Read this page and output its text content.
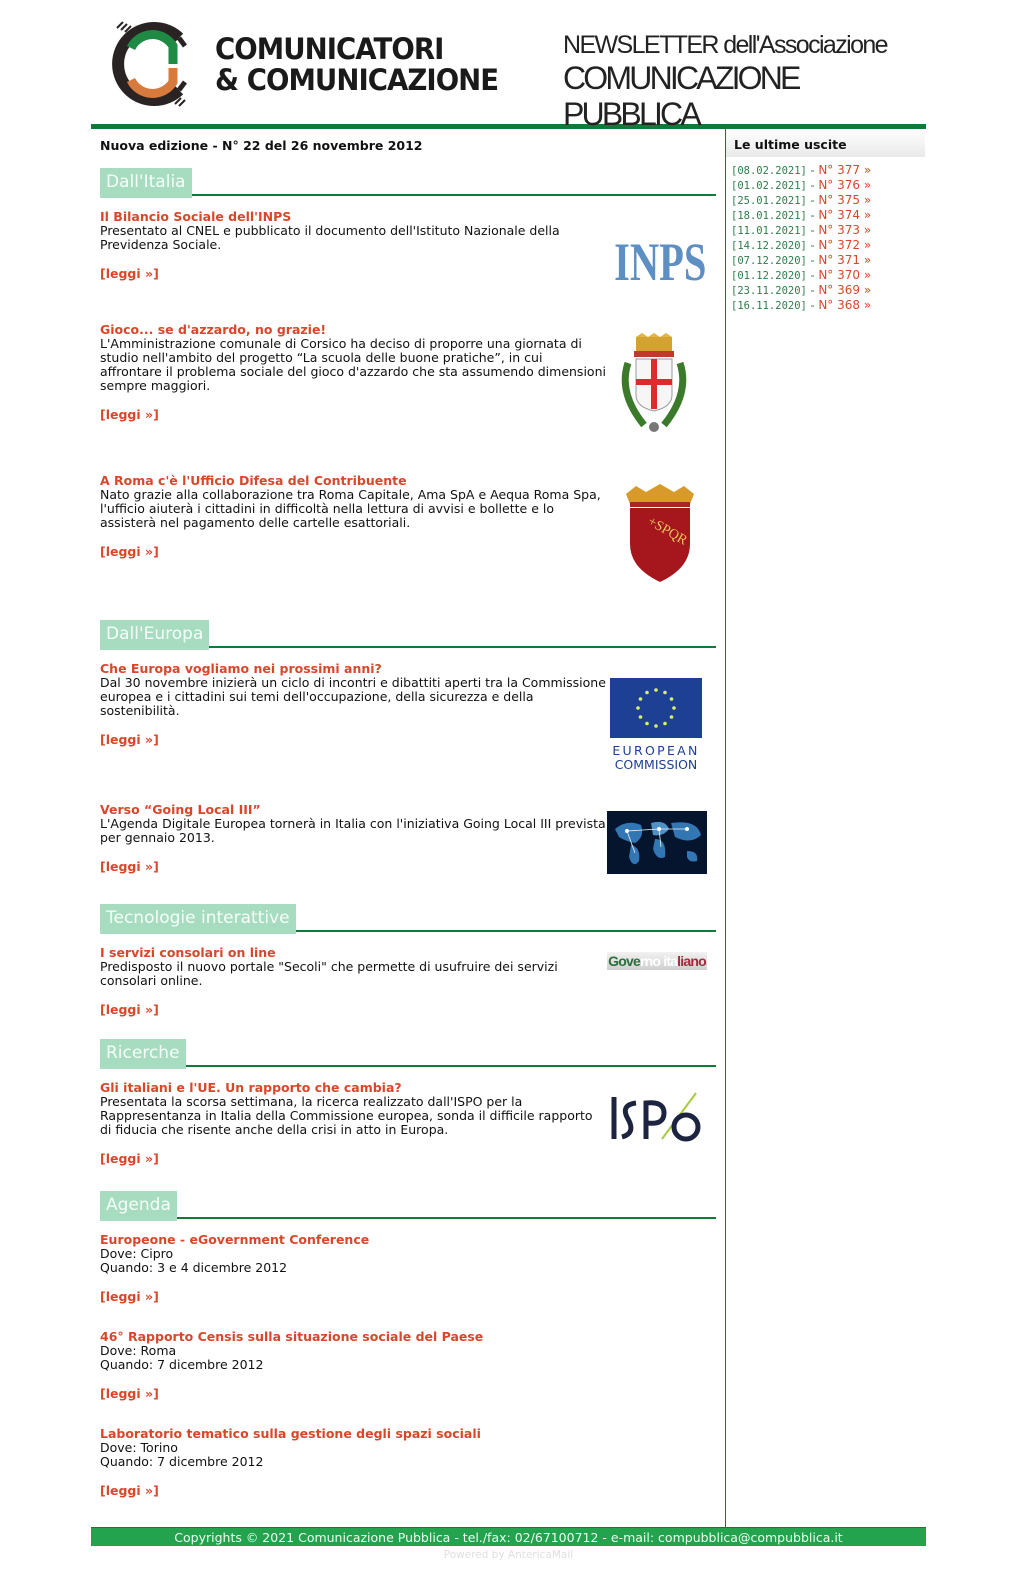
COMUNICATORI
& COMUNICAZIONE
NEWSLETTER dell'Associazione
COMUNICAZIONE PUBBLICA
Nuova edizione - N° 22 del 26 novembre 2012
Dall'Italia
Il Bilancio Sociale dell'INPS
Presentato al CNEL e pubblicato il documento dell'Istituto Nazionale della Previdenza Sociale.
[leggi »]	INPS
Gioco... se d'azzardo, no grazie!
L'Amministrazione comunale di Corsico ha deciso di proporre una giornata di studio nell'ambito del progetto “La scuola delle buone pratiche”, in cui affrontare il problema sociale del gioco d'azzardo che sta assumendo dimensioni sempre maggiori.
[leggi »]
A Roma c'è l'Ufficio Difesa del Contribuente
Nato grazie alla collaborazione tra Roma Capitale, Ama SpA e Aequa Roma Spa, l'ufficio aiuterà i cittadini in difficoltà nella lettura di avvisi e bollette e lo assisterà nel pagamento delle cartelle esattoriali.
[leggi »]
+SPQR
Dall'Europa
Che Europa vogliamo nei prossimi anni?
Dal 30 novembre inizierà un ciclo di incontri e dibattiti aperti tra la Commissione europea e i cittadini sui temi dell'occupazione, della sicurezza e della sostenibilità.
[leggi »]
EUROPEAN
COMMISSION
Verso “Going Local III”
L'Agenda Digitale Europea tornerà in Italia con l'iniziativa Going Local III prevista per gennaio 2013.
[leggi »]
Tecnologie interattive
I servizi consolari on line
Predisposto il nuovo portale "Secoli" che permette di usufruire dei servizi consolari online.
[leggi »]
Governo italiano
Ricerche
Gli italiani e l'UE. Un rapporto che cambia?
Presentata la scorsa settimana, la ricerca realizzato dall'ISPO per la Rappresentanza in Italia della Commissione europea, sonda il difficile rapporto di fiducia che risente anche della crisi in atto in Europa.
[leggi »]
Agenda
Europeone - eGovernment Conference
Dove: Cipro
Quando: 3 e 4 dicembre 2012
[leggi »]
46° Rapporto Censis sulla situazione sociale del Paese
Dove: Roma
Quando: 7 dicembre 2012
[leggi »]
Laboratorio tematico sulla gestione degli spazi sociali
Dove: Torino
Quando: 7 dicembre 2012
[leggi »]
Le ultime uscite
[08.02.2021] - N° 377 »
[01.02.2021] - N° 376 »
[25.01.2021] - N° 375 »
[18.01.2021] - N° 374 »
[11.01.2021] - N° 373 »
[14.12.2020] - N° 372 »
[07.12.2020] - N° 371 »
[01.12.2020] - N° 370 »
[23.11.2020] - N° 369 »
[16.11.2020] - N° 368 »
Copyrights © 2021 Comunicazione Pubblica - tel./fax: 02/67100712 - e-mail: compubblica@compubblica.it
Powered by AntericaMail
